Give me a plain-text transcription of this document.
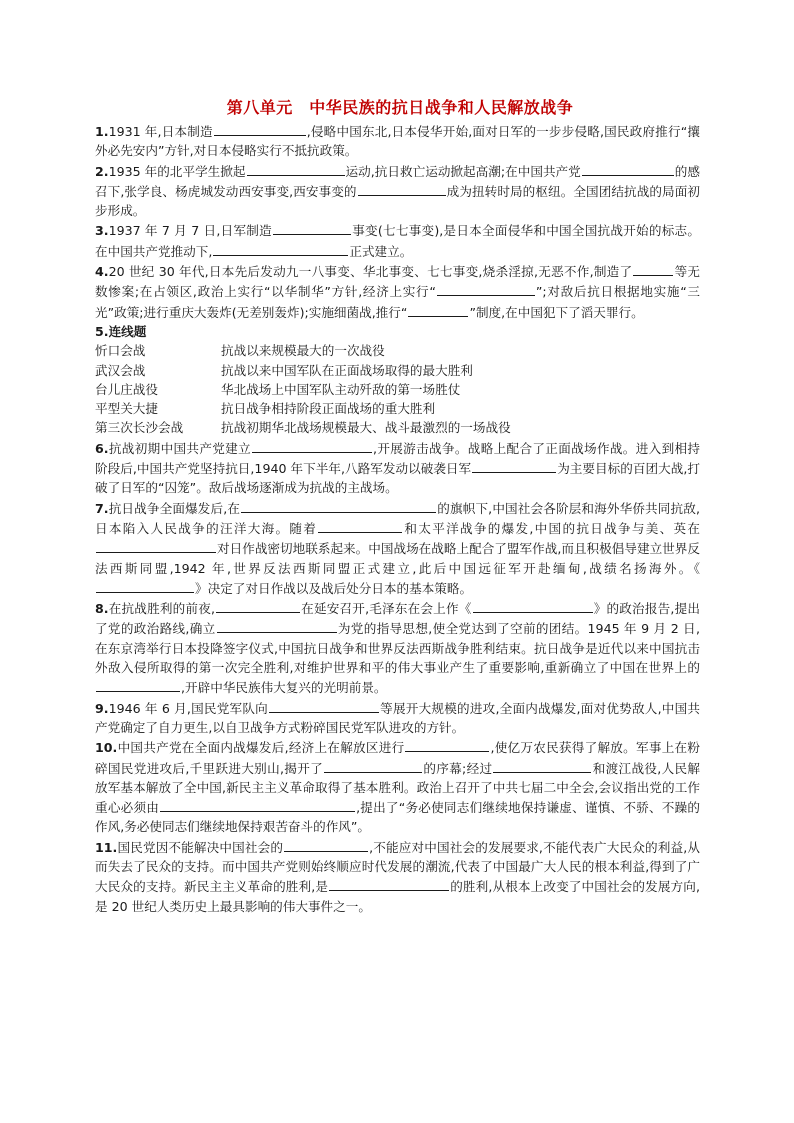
第八单元　中华民族的抗日战争和人民解放战争

1.1931 年,日本制造	,侵略中国东北,日本侵华开始,面对日军的一步步侵略,国民政府推行“攘外必先安内”方针,对日本侵略实行不抵抗政策。

2.1935 年的北平学生掀起	运动,抗日救亡运动掀起高潮;在中国共产党	的感召下,张学良、杨虎城发动西安事变,西安事变的	成为扭转时局的枢纽。全国团结抗战的局面初步形成。

3.1937 年 7 月 7 日,日军制造	事变(七七事变),是日本全面侵华和中国全国抗战开始的标志。在中国共产党推动下,	正式建立。

4.20 世纪 30 年代,日本先后发动九一八事变、华北事变、七七事变,烧杀淫掠,无恶不作,制造了	等无数惨案;在占领区,政治上实行“以华制华”方针,经济上实行“	”;对敌后抗日根据地实施“三光”政策;进行重庆大轰炸(无差别轰炸);实施细菌战,推行“	”制度,在中国犯下了滔天罪行。

5.连线题

忻口会战	抗战以来规模最大的一次战役
武汉会战	抗战以来中国军队在正面战场取得的最大胜利
台儿庄战役	华北战场上中国军队主动歼敌的第一场胜仗
平型关大捷	抗日战争相持阶段正面战场的重大胜利
第三次长沙会战	抗战初期华北战场规模最大、战斗最激烈的一场战役

6.抗战初期中国共产党建立	,开展游击战争。战略上配合了正面战场作战。进入到相持阶段后,中国共产党坚持抗日,1940 年下半年,八路军发动以破袭日军	为主要目标的百团大战,打破了日军的“囚笼”。敌后战场逐渐成为抗战的主战场。

7.抗日战争全面爆发后,在	的旗帜下,中国社会各阶层和海外华侨共同抗敌,日本陷入人民战争的汪洋大海。随着	和太平洋战争的爆发,中国的抗日战争与美、英在对日作战密切地联系起来。中国战场在战略上配合了盟军作战,而且积极倡导建立世界反法西斯同盟,1942 年,世界反法西斯同盟正式建立,此后中国远征军开赴缅甸,战绩名扬海外。《》决定了对日作战以及战后处分日本的基本策略。

8.在抗战胜利的前夜,	在延安召开,毛泽东在会上作《	》的政治报告,提出了党的政治路线,确立	为党的指导思想,使全党达到了空前的团结。1945 年 9 月 2 日,在东京湾举行日本投降签字仪式,中国抗日战争和世界反法西斯战争胜利结束。抗日战争是近代以来中国抗击外敌入侵所取得的第一次完全胜利,对维护世界和平的伟大事业产生了重要影响,重新确立了中国在世界上的,开辟中华民族伟大复兴的光明前景。

9.1946 年 6 月,国民党军队向	等展开大规模的进攻,全面内战爆发,面对优势敌人,中国共产党确定了自力更生,以自卫战争方式粉碎国民党军队进攻的方针。

10.中国共产党在全面内战爆发后,经济上在解放区进行	,使亿万农民获得了解放。军事上在粉碎国民党进攻后,千里跃进大别山,揭开了	的序幕;经过	和渡江战役,人民解放军基本解放了全中国,新民主主义革命取得了基本胜利。政治上召开了中共七届二中全会,会议指出党的工作重心必须由	,提出了“务必使同志们继续地保持谦虚、谨慎、不骄、不躁的作风,务必使同志们继续地保持艰苦奋斗的作风”。

11.国民党因不能解决中国社会的	,不能应对中国社会的发展要求,不能代表广大民众的利益,从而失去了民众的支持。而中国共产党则始终顺应时代发展的潮流,代表了中国最广大人民的根本利益,得到了广大民众的支持。新民主主义革命的胜利,是	的胜利,从根本上改变了中国社会的发展方向,是 20 世纪人类历史上最具影响的伟大事件之一。
